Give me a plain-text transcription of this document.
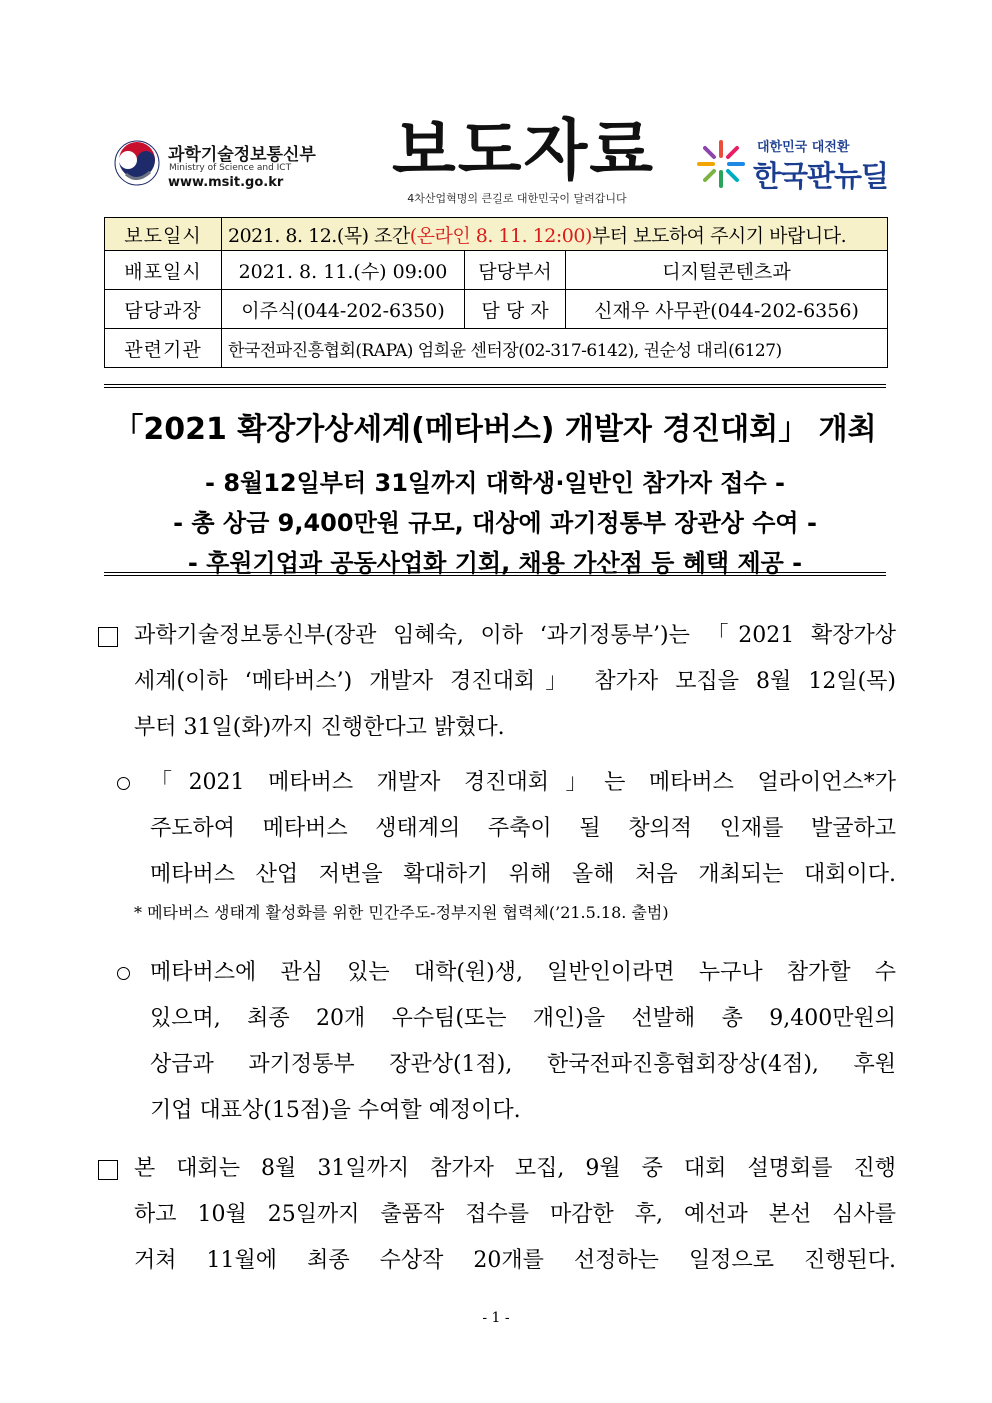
과학기술정보통신부
Ministry of Science and ICT
www.msit.go.kr 보도자료
4차산업혁명의 큰길로 대한민국이 달려갑니다
대한민국 대전환
한국판뉴딜
보도일시	2021. 8. 12.(목) 조간(온라인 8. 11. 12:00)부터 보도하여 주시기 바랍니다.		
배포일시	2021. 8. 11.(수) 09:00	담당부서	디지털콘텐츠과
담당과장	이주식(044-202-6350)	담 당 자	신재우 사무관(044-202-6356)
관련기관	한국전파진흥협회(RAPA) 엄희윤 센터장(02-317-6142), 권순성 대리(6127)		
「2021 확장가상세계(메타버스) 개발자 경진대회」 개최
- 8월12일부터 31일까지 대학생·일반인 참가자 접수 -
- 총 상금 9,400만원 규모, 대상에 과기정통부 장관상 수여 -
- 후원기업과 공동사업화 기회, 채용 가산점 등 혜택 제공 -
과학기술정보통신부(장관 임혜숙, 이하 ‘과기정통부’)는 「2021 확장가상
세계(이하 ‘메타버스’) 개발자 경진대회」 참가자 모집을 8월 12일(목)
부터 31일(화)까지 진행한다고 밝혔다.
「2021 메타버스 개발자 경진대회」는 메타버스 얼라이언스*가
주도하여 메타버스 생태계의 주축이 될 창의적 인재를 발굴하고
메타버스 산업 저변을 확대하기 위해 올해 처음 개최되는 대회이다.
* 메타버스 생태계 활성화를 위한 민간주도-정부지원 협력체(’21.5.18. 출범)
메타버스에 관심 있는 대학(원)생, 일반인이라면 누구나 참가할 수
있으며, 최종 20개 우수팀(또는 개인)을 선발해 총 9,400만원의
상금과 과기정통부 장관상(1점), 한국전파진흥협회장상(4점), 후원
기업 대표상(15점)을 수여할 예정이다.
본 대회는 8월 31일까지 참가자 모집, 9월 중 대회 설명회를 진행
하고 10월 25일까지 출품작 접수를 마감한 후, 예선과 본선 심사를
거쳐 11월에 최종 수상작 20개를 선정하는 일정으로 진행된다.
- 1 -
